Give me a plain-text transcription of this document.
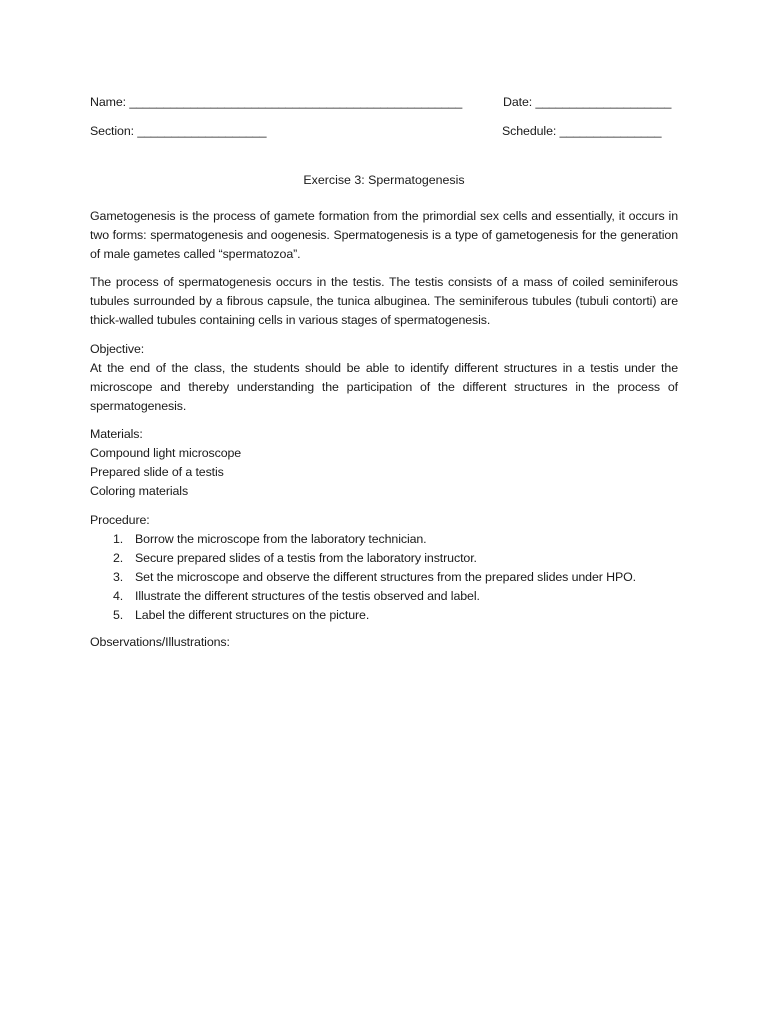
Name: _________________________________________________	Date: ____________________
Section: ___________________	Schedule: _______________
Exercise 3: Spermatogenesis
Gametogenesis is the process of gamete formation from the primordial sex cells and essentially, it occurs in two forms: spermatogenesis and oogenesis. Spermatogenesis is a type of gametogenesis for the generation of male gametes called “spermatozoa”.
The process of spermatogenesis occurs in the testis. The testis consists of a mass of coiled seminiferous tubules surrounded by a fibrous capsule, the tunica albuginea. The seminiferous tubules (tubuli contorti) are thick-walled tubules containing cells in various stages of spermatogenesis.
Objective:
At the end of the class, the students should be able to identify different structures in a testis under the microscope and thereby understanding the participation of the different structures in the process of spermatogenesis.
Materials:
Compound light microscope
Prepared slide of a testis
Coloring materials
Procedure:
1. Borrow the microscope from the laboratory technician.
2. Secure prepared slides of a testis from the laboratory instructor.
3. Set the microscope and observe the different structures from the prepared slides under HPO.
4. Illustrate the different structures of the testis observed and label.
5. Label the different structures on the picture.
Observations/Illustrations:
